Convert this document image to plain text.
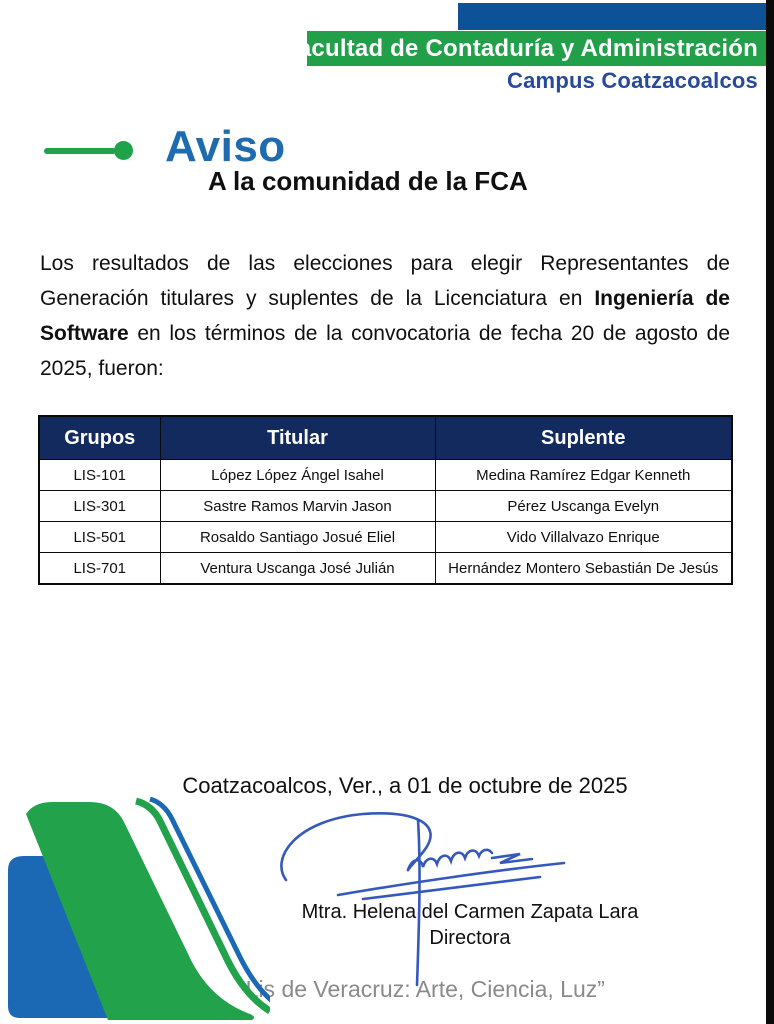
Facultad de Contaduría y Administración
Campus Coatzacoalcos
Aviso
A la comunidad de la FCA

Los resultados de las elecciones para elegir Representantes de Generación titulares y suplentes de la Licenciatura en Ingeniería de Software en los términos de la convocatoria de fecha 20 de agosto de 2025, fueron:

Grupos	Titular	Suplente
LIS-101	López López Ángel Isahel	Medina Ramírez Edgar Kenneth
LIS-301	Sastre Ramos Marvin Jason	Pérez Uscanga Evelyn
LIS-501	Rosaldo Santiago Josué Eliel	Vido Villalvazo Enrique
LIS-701	Ventura Uscanga José Julián	Hernández Montero Sebastián De Jesús
Coatzacoalcos, Ver., a 01 de octubre de 2025
Mtra. Helena del Carmen Zapata Lara
Directora
“Lis de Veracruz: Arte, Ciencia, Luz”
